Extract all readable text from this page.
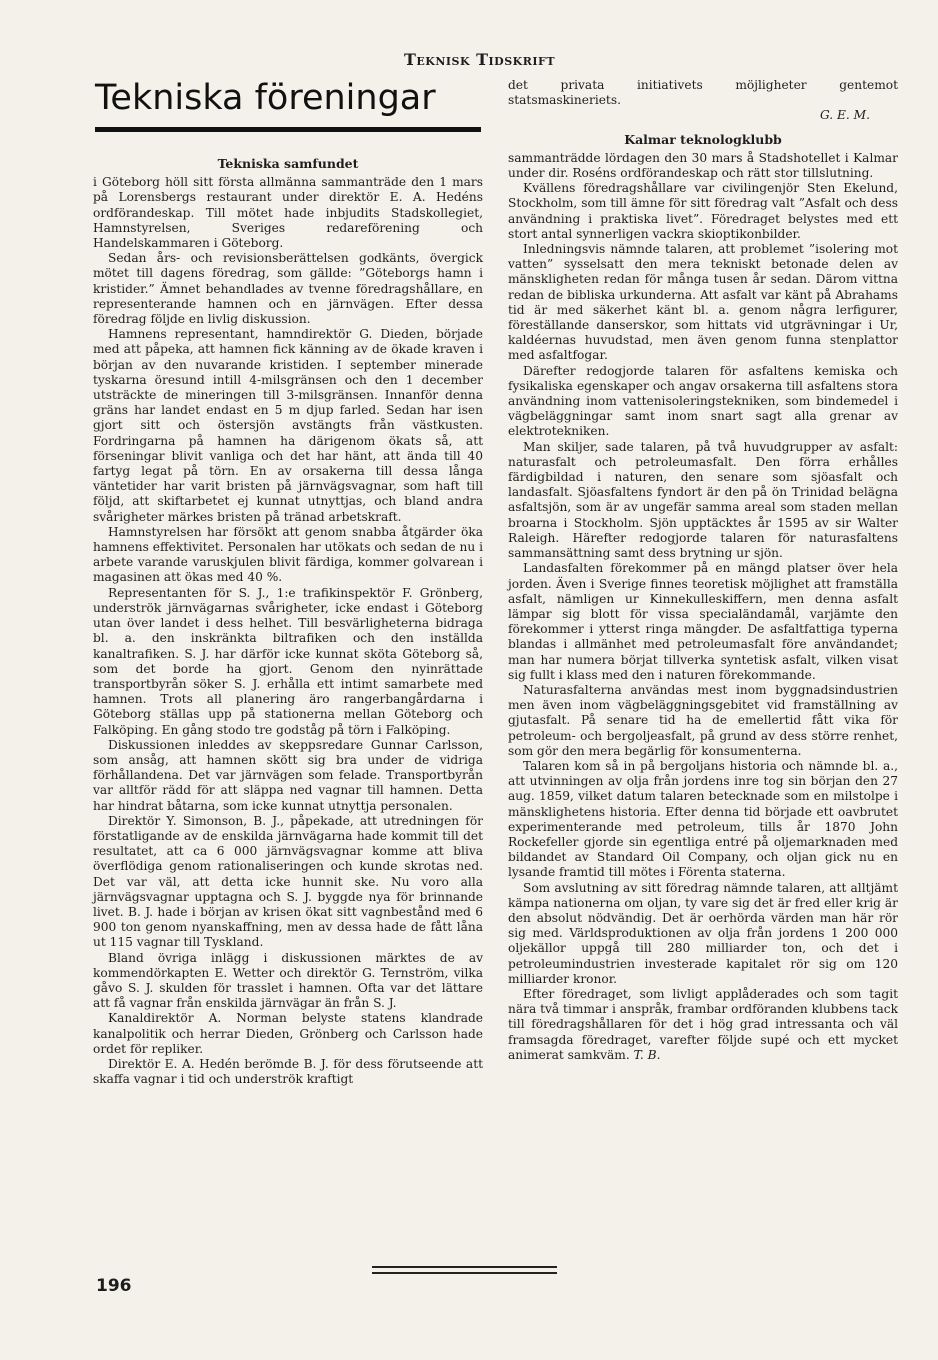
Teknisk Tidskrift
Tekniska föreningar
Tekniska samfundet

i Göteborg höll sitt första allmänna sammanträde den 1 mars på Lorensbergs restaurant under direktör E. A. Hedéns ordförandeskap. Till mötet hade inbjudits Stadskollegiet, Hamnstyrelsen, Sveriges redareförening och Handelskammaren i Göteborg.

Sedan års- och revisionsberättelsen godkänts, övergick mötet till dagens föredrag, som gällde: ”Göteborgs hamn i kristider.” Ämnet behandlades av tvenne föredragshållare, en representerande hamnen och en järnvägen. Efter dessa föredrag följde en livlig diskussion.

Hamnens representant, hamndirektör G. Dieden, började med att påpeka, att hamnen fick känning av de ökade kraven i början av den nuvarande kristiden. I september minerade tyskarna öresund intill 4-milsgränsen och den 1 december utsträckte de mineringen till 3-milsgränsen. Innanför denna gräns har landet endast en 5 m djup farled. Sedan har isen gjort sitt och östersjön avstängts från västkusten. Fordringarna på hamnen ha därigenom ökats så, att förseningar blivit vanliga och det har hänt, att ända till 40 fartyg legat på törn. En av orsakerna till dessa långa väntetider har varit bristen på järnvägsvagnar, som haft till följd, att skiftarbetet ej kunnat utnyttjas, och bland andra svårigheter märkes bristen på tränad arbetskraft.

Hamnstyrelsen har försökt att genom snabba åtgärder öka hamnens effektivitet. Personalen har utökats och sedan de nu i arbete varande varuskjulen blivit färdiga, kommer golvarean i magasinen att ökas med 40 %.

Representanten för S. J., 1:e trafikinspektör F. Grönberg, underströk järnvägarnas svårigheter, icke endast i Göteborg utan över landet i dess helhet. Till besvärligheterna bidraga bl. a. den inskränkta biltrafiken och den inställda kanaltrafiken. S. J. har därför icke kunnat sköta Göteborg så, som det borde ha gjort. Genom den nyinrättade transportbyrån söker S. J. erhålla ett intimt samarbete med hamnen. Trots all planering äro rangerbangårdarna i Göteborg ställas upp på stationerna mellan Göteborg och Falköping. En gång stodo tre godståg på törn i Falköping.

Diskussionen inleddes av skeppsredare Gunnar Carlsson, som ansåg, att hamnen skött sig bra under de vidriga förhållandena. Det var järnvägen som felade. Transportbyrån var alltför rädd för att släppa ned vagnar till hamnen. Detta har hindrat båtarna, som icke kunnat utnyttja personalen.

Direktör Y. Simonson, B. J., påpekade, att utredningen för förstatligande av de enskilda järnvägarna hade kommit till det resultatet, att ca 6 000 järnvägsvagnar komme att bliva överflödiga genom rationaliseringen och kunde skrotas ned. Det var väl, att detta icke hunnit ske. Nu voro alla järnvägsvagnar upptagna och S. J. byggde nya för brinnande livet. B. J. hade i början av krisen ökat sitt vagnbestånd med 6 900 ton genom nyanskaffning, men av dessa hade de fått låna ut 115 vagnar till Tyskland.

Bland övriga inlägg i diskussionen märktes de av kommendörkapten E. Wetter och direktör G. Ternström, vilka gåvo S. J. skulden för trasslet i hamnen. Ofta var det lättare att få vagnar från enskilda järnvägar än från S. J.

Kanaldirektör A. Norman belyste statens klandrade kanalpolitik och herrar Dieden, Grönberg och Carlsson hade ordet för repliker.

Direktör E. A. Hedén berömde B. J. för dess förutseende att skaffa vagnar i tid och underströk kraftigt

det privata initiativets möjligheter gentemot statsmaskineriets.

G. E. M.
Kalmar teknologklubb

sammanträdde lördagen den 30 mars å Stadshotellet i Kalmar under dir. Roséns ordförandeskap och rätt stor tillslutning.

Kvällens föredragshållare var civilingenjör Sten Ekelund, Stockholm, som till ämne för sitt föredrag valt ”Asfalt och dess användning i praktiska livet”. Föredraget belystes med ett stort antal synnerligen vackra skioptikonbilder.

Inledningsvis nämnde talaren, att problemet ”isolering mot vatten” sysselsatt den mera tekniskt betonade delen av mänskligheten redan för många tusen år sedan. Därom vittna redan de bibliska urkunderna. Att asfalt var känt på Abrahams tid är med säkerhet känt bl. a. genom några lerfigurer, föreställande danserskor, som hittats vid utgrävningar i Ur, kaldéernas huvudstad, men även genom funna stenplattor med asfaltfogar.

Därefter redogjorde talaren för asfaltens kemiska och fysikaliska egenskaper och angav orsakerna till asfaltens stora användning inom vattenisoleringstekniken, som bindemedel i vägbeläggningar samt inom snart sagt alla grenar av elektrotekniken.

Man skiljer, sade talaren, på två huvudgrupper av asfalt: naturasfalt och petroleumasfalt. Den förra erhålles färdigbildad i naturen, den senare som sjöasfalt och landasfalt. Sjöasfaltens fyndort är den på ön Trinidad belägna asfaltsjön, som är av ungefär samma areal som staden mellan broarna i Stockholm. Sjön upptäcktes år 1595 av sir Walter Raleigh. Härefter redogjorde talaren för naturasfaltens sammansättning samt dess brytning ur sjön.

Landasfalten förekommer på en mängd platser över hela jorden. Även i Sverige finnes teoretisk möjlighet att framställa asfalt, nämligen ur Kinnekulleskiffern, men denna asfalt lämpar sig blott för vissa specialändamål, varjämte den förekommer i ytterst ringa mängder. De asfaltfattiga typerna blandas i allmänhet med petroleumasfalt före användandet; man har numera börjat tillverka syntetisk asfalt, vilken visat sig fullt i klass med den i naturen förekommande.

Naturasfalterna användas mest inom byggnadsindustrien men även inom vägbeläggningsgebitet vid framställning av gjutasfalt. På senare tid ha de emellertid fått vika för petroleum- och bergoljeasfalt, på grund av dess större renhet, som gör den mera begärlig för konsumenterna.

Talaren kom så in på bergoljans historia och nämnde bl. a., att utvinningen av olja från jordens inre tog sin början den 27 aug. 1859, vilket datum talaren betecknade som en milstolpe i mänsklighetens historia. Efter denna tid började ett oavbrutet experimenterande med petroleum, tills år 1870 John Rockefeller gjorde sin egentliga entré på oljemarknaden med bildandet av Standard Oil Company, och oljan gick nu en lysande framtid till mötes i Förenta staterna.

Som avslutning av sitt föredrag nämnde talaren, att alltjämt kämpa nationerna om oljan, ty vare sig det är fred eller krig är den absolut nödvändig. Det är oerhörda värden man här rör sig med. Världsproduktionen av olja från jordens 1 200 000 oljekällor uppgå till 280 milliarder ton, och det i petroleumindustrien investerade kapitalet rör sig om 120 milliarder kronor.

Efter föredraget, som livligt applåderades och som tagit nära två timmar i anspråk, frambar ordföranden klubbens tack till föredragshållaren för det i hög grad intressanta och väl framsagda föredraget, varefter följde supé och ett mycket animerat samkväm. T. B.

196
